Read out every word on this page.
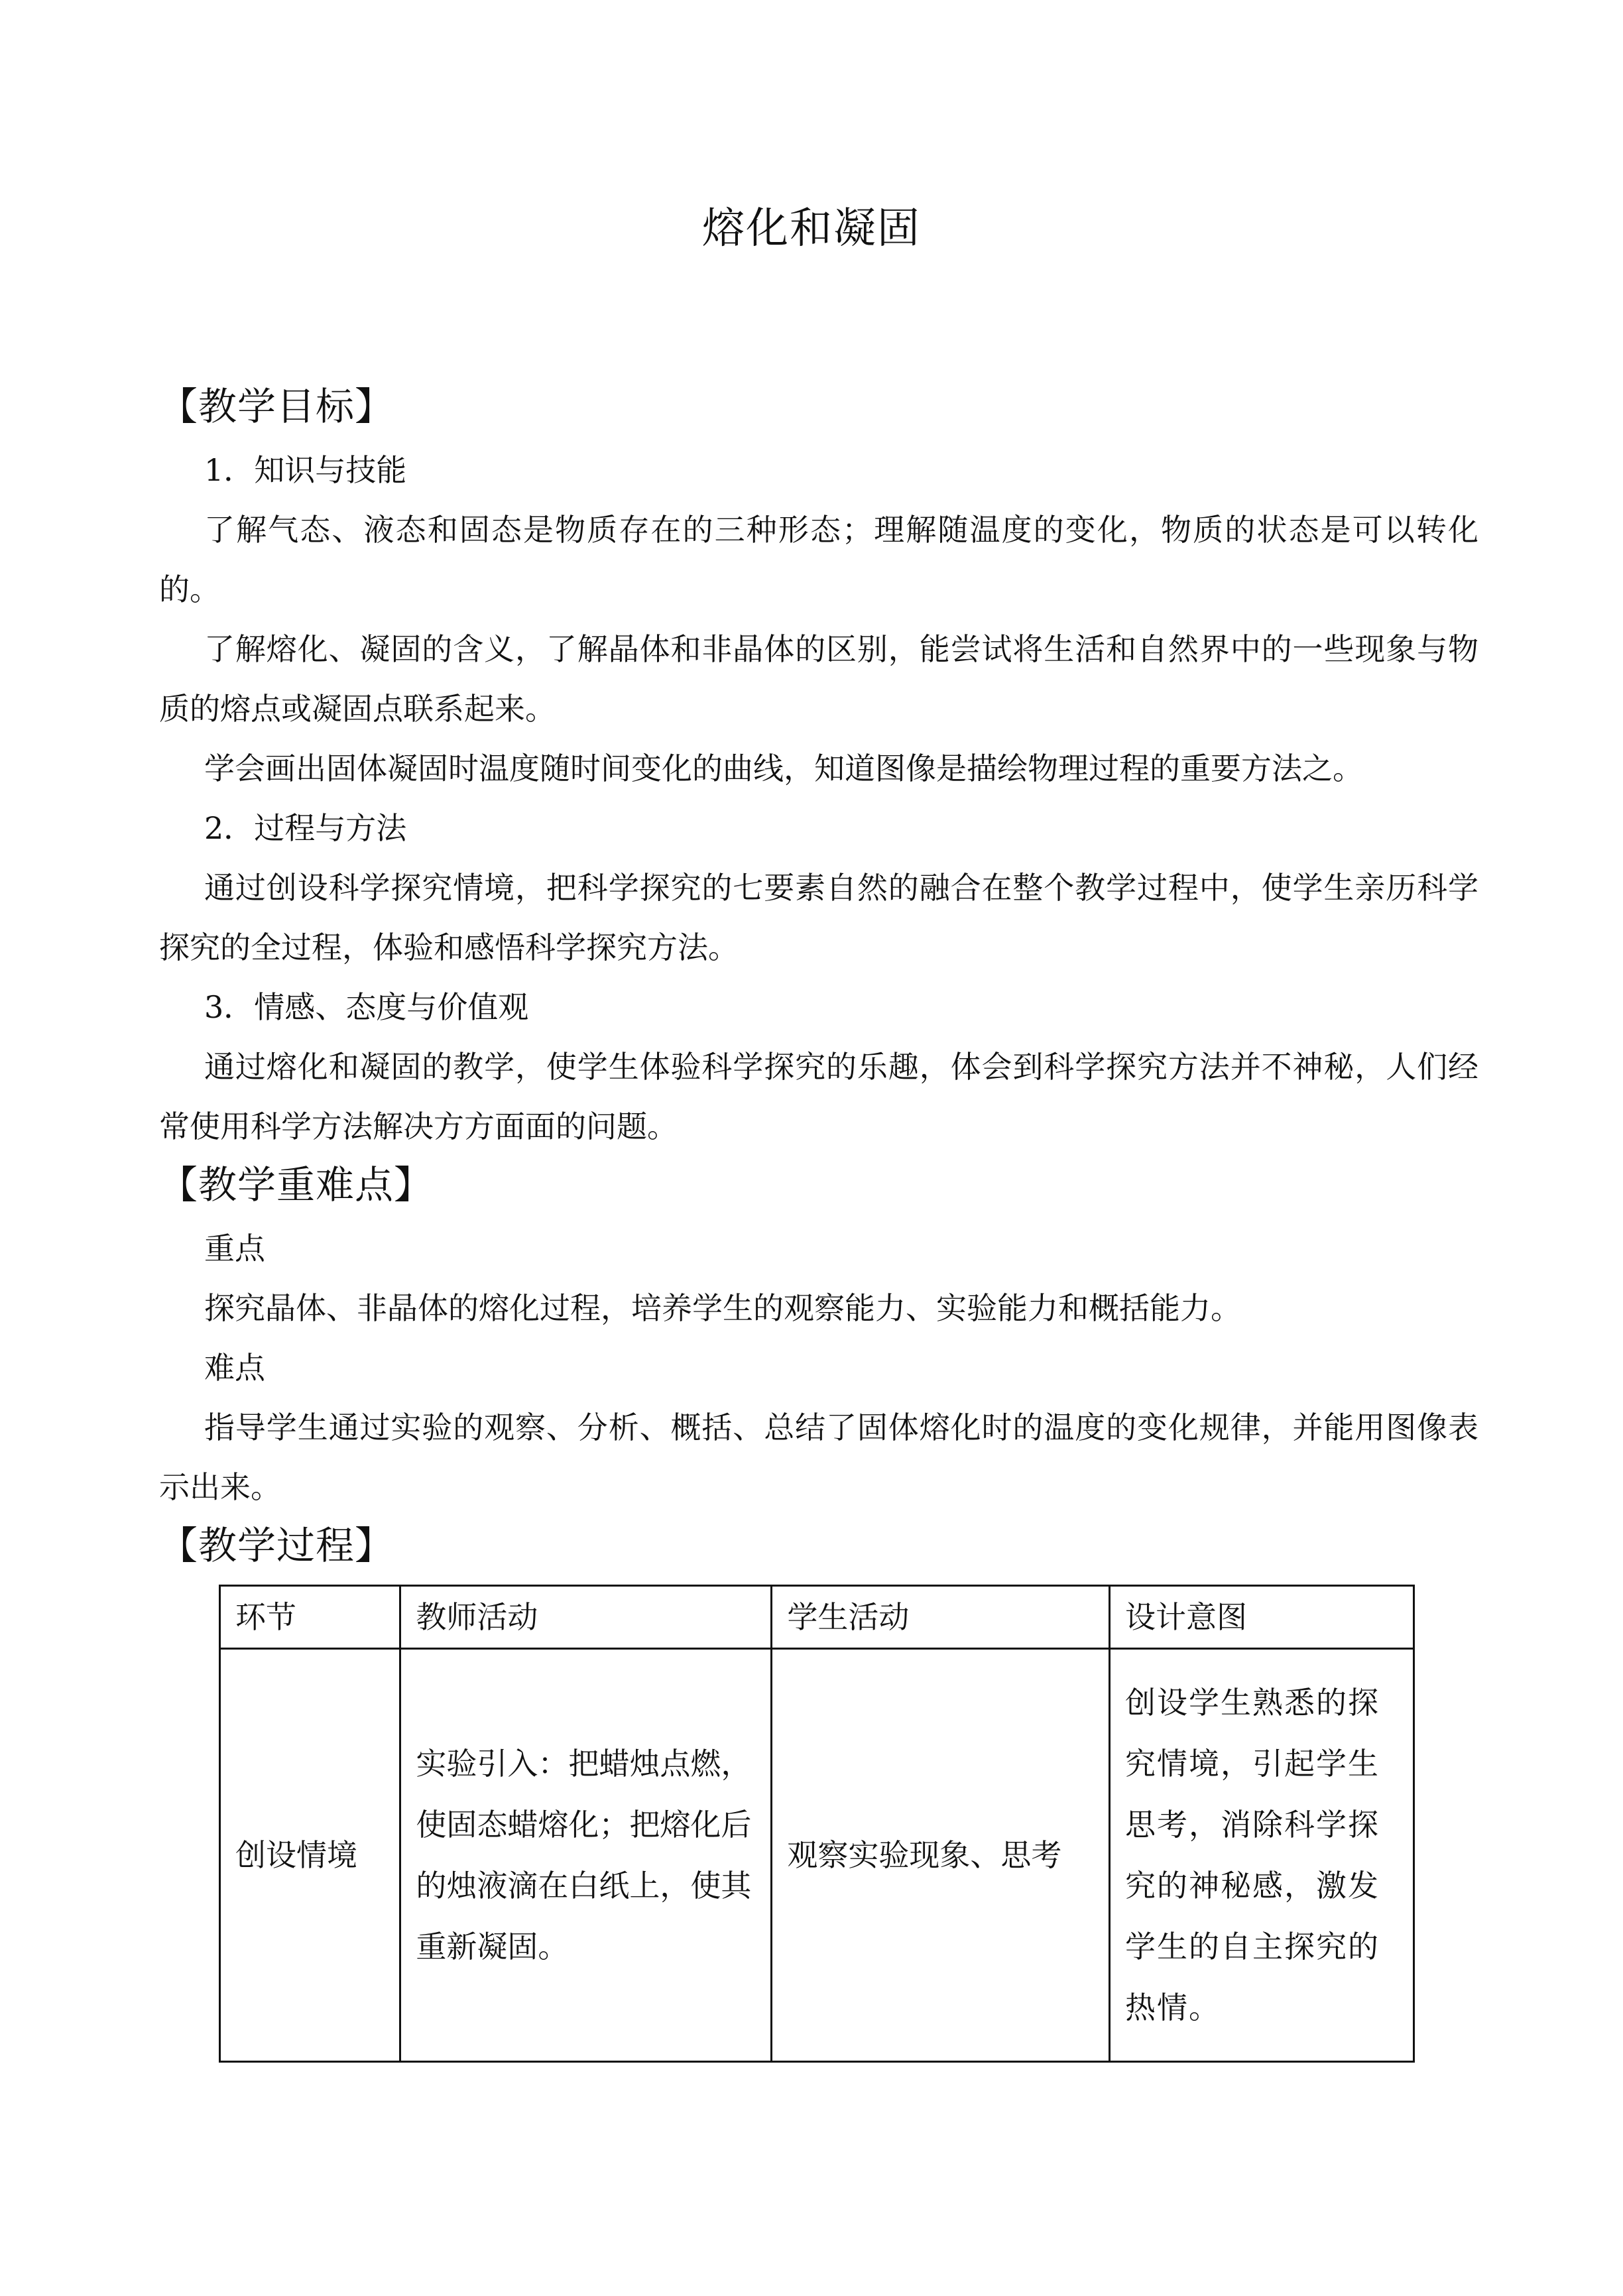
熔化和凝固
【教学目标】

1．知识与技能

了解气态、液态和固态是物质存在的三种形态；理解随温度的变化，物质的状态是可以转化的。

了解熔化、凝固的含义，了解晶体和非晶体的区别，能尝试将生活和自然界中的一些现象与物质的熔点或凝固点联系起来。

学会画出固体凝固时温度随时间变化的曲线，知道图像是描绘物理过程的重要方法之。

2．过程与方法

通过创设科学探究情境，把科学探究的七要素自然的融合在整个教学过程中，使学生亲历科学探究的全过程，体验和感悟科学探究方法。

3．情感、态度与价值观

通过熔化和凝固的教学，使学生体验科学探究的乐趣，体会到科学探究方法并不神秘，人们经常使用科学方法解决方方面面的问题。

【教学重难点】

重点

探究晶体、非晶体的熔化过程，培养学生的观察能力、实验能力和概括能力。

难点

指导学生通过实验的观察、分析、概括、总结了固体熔化时的温度的变化规律，并能用图像表示出来。

【教学过程】
环节	教师活动	学生活动	设计意图
创设情境	实验引入：把蜡烛点燃，使固态蜡熔化；把熔化后的烛液滴在白纸上，使其重新凝固。	观察实验现象、思考	创设学生熟悉的探究情境，引起学生思考，消除科学探究的神秘感，激发学生的自主探究的热情。
